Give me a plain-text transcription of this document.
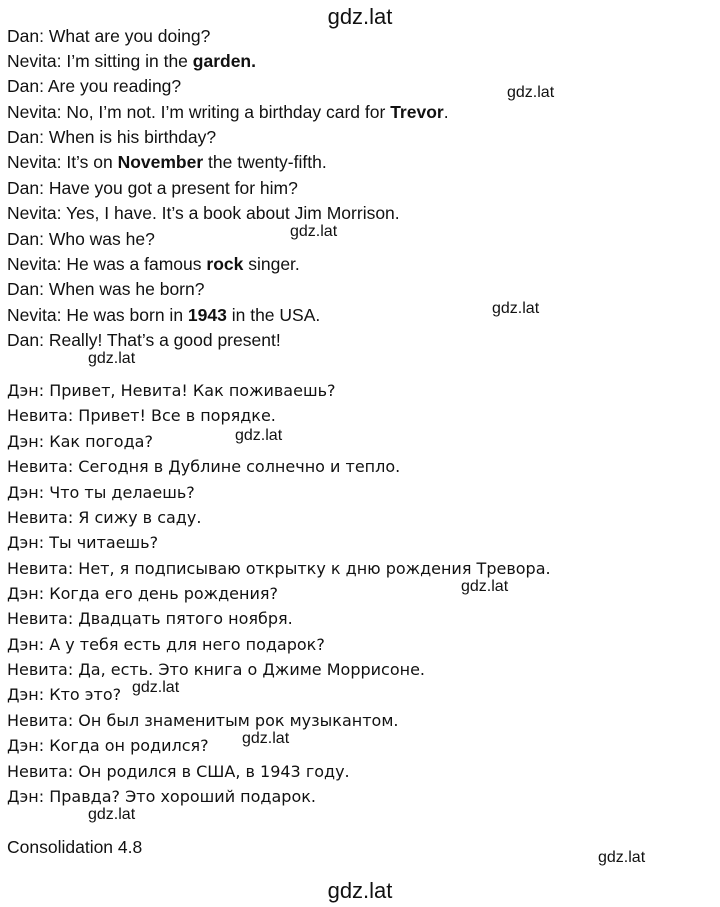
gdz.lat
Dan: What are you doing?
Nevita: I’m sitting in the garden.
Dan: Are you reading?
Nevita: No, I’m not. I’m writing a birthday card for Trevor.
Dan: When is his birthday?
Nevita: It’s on November the twenty-fifth.
Dan: Have you got a present for him?
Nevita: Yes, I have. It’s a book about Jim Morrison.
Dan: Who was he?
Nevita: He was a famous rock singer.
Dan: When was he born?
Nevita: He was born in 1943 in the USA.
Dan: Really! That’s a good present!
Дэн: Привет, Невита! Как поживаешь?
Невита: Привет! Все в порядке.
Дэн: Как погода?
Невита: Сегодня в Дублине солнечно и тепло.
Дэн: Что ты делаешь?
Невита: Я сижу в саду.
Дэн: Ты читаешь?
Невита: Нет, я подписываю открытку к дню рождения Тревора.
Дэн: Когда его день рождения?
Невита: Двадцать пятого ноября.
Дэн: А у тебя есть для него подарок?
Невита: Да, есть. Это книга о Джиме Моррисоне.
Дэн: Кто это?
Невита: Он был знаменитым рок музыкантом.
Дэн: Когда он родился?
Невита: Он родился в США, в 1943 году.
Дэн: Правда? Это хороший подарок.
Consolidation 4.8
gdz.lat
gdz.lat
gdz.lat
gdz.lat
gdz.lat
gdz.lat
gdz.lat
gdz.lat
gdz.lat
gdz.lat
gdz.lat
